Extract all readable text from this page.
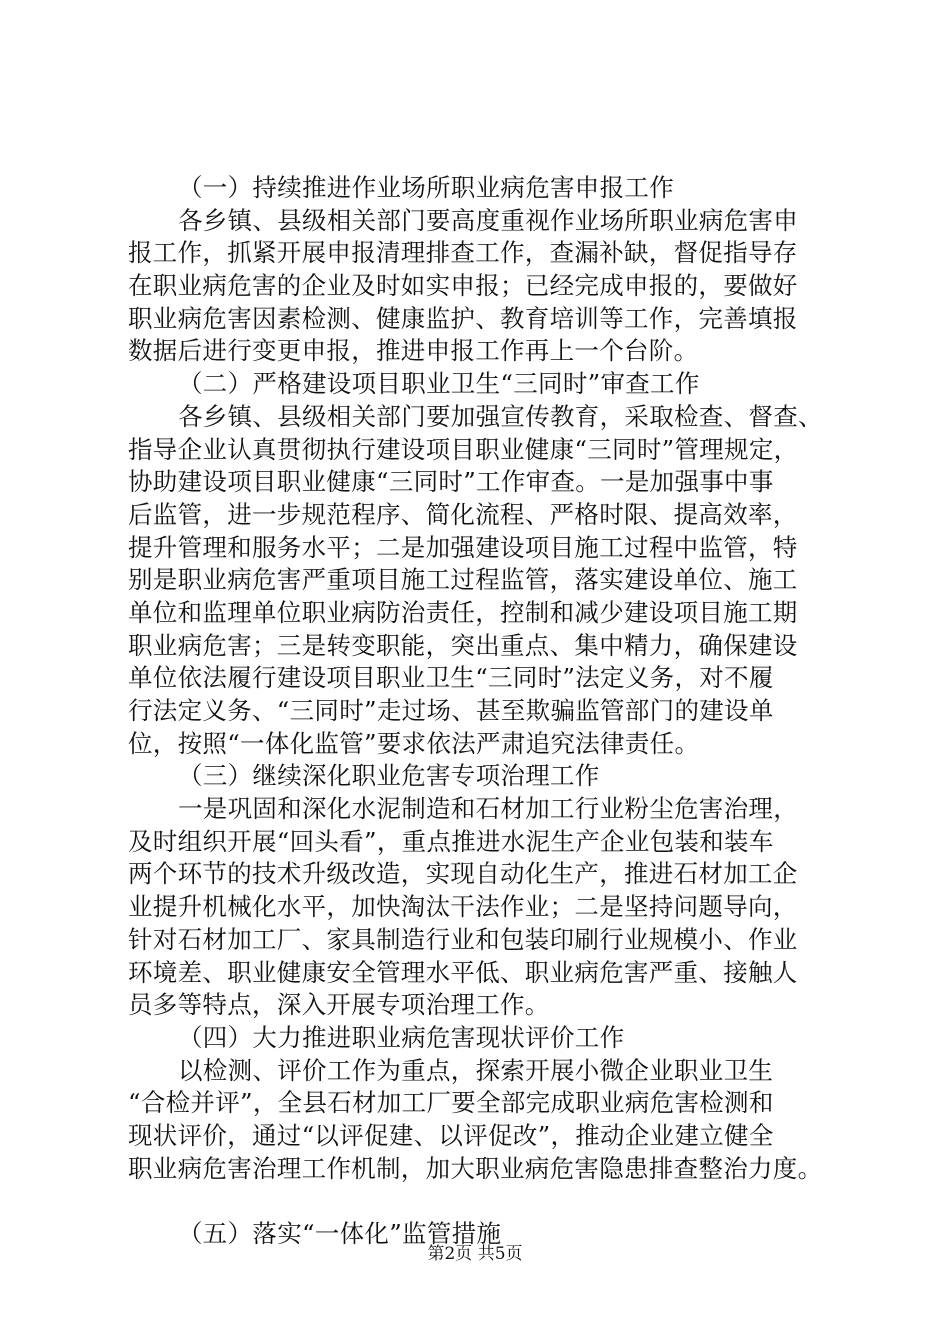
（一）持续推进作业场所职业病危害申报工作
各乡镇、县级相关部门要高度重视作业场所职业病危害申
报工作，抓紧开展申报清理排查工作，查漏补缺，督促指导存
在职业病危害的企业及时如实申报；已经完成申报的，要做好
职业病危害因素检测、健康监护、教育培训等工作，完善填报
数据后进行变更申报，推进申报工作再上一个台阶。
（二）严格建设项目职业卫生“三同时”审查工作
各乡镇、县级相关部门要加强宣传教育，采取检查、督查、
指导企业认真贯彻执行建设项目职业健康“三同时”管理规定，
协助建设项目职业健康“三同时”工作审查。一是加强事中事
后监管，进一步规范程序、简化流程、严格时限、提高效率，
提升管理和服务水平；二是加强建设项目施工过程中监管，特
别是职业病危害严重项目施工过程监管，落实建设单位、施工
单位和监理单位职业病防治责任，控制和减少建设项目施工期
职业病危害；三是转变职能，突出重点、集中精力，确保建设
单位依法履行建设项目职业卫生“三同时”法定义务，对不履
行法定义务、“三同时”走过场、甚至欺骗监管部门的建设单
位，按照“一体化监管”要求依法严肃追究法律责任。
（三）继续深化职业危害专项治理工作
一是巩固和深化水泥制造和石材加工行业粉尘危害治理，
及时组织开展“回头看”，重点推进水泥生产企业包装和装车
两个环节的技术升级改造，实现自动化生产，推进石材加工企
业提升机械化水平，加快淘汰干法作业；二是坚持问题导向，
针对石材加工厂、家具制造行业和包装印刷行业规模小、作业
环境差、职业健康安全管理水平低、职业病危害严重、接触人
员多等特点，深入开展专项治理工作。
（四）大力推进职业病危害现状评价工作
以检测、评价工作为重点，探索开展小微企业职业卫生
“合检并评”，全县石材加工厂要全部完成职业病危害检测和
现状评价，通过“以评促建、以评促改”，推动企业建立健全
职业病危害治理工作机制，加大职业病危害隐患排查整治力度。
（五）落实“一体化”监管措施
第2页 共5页
